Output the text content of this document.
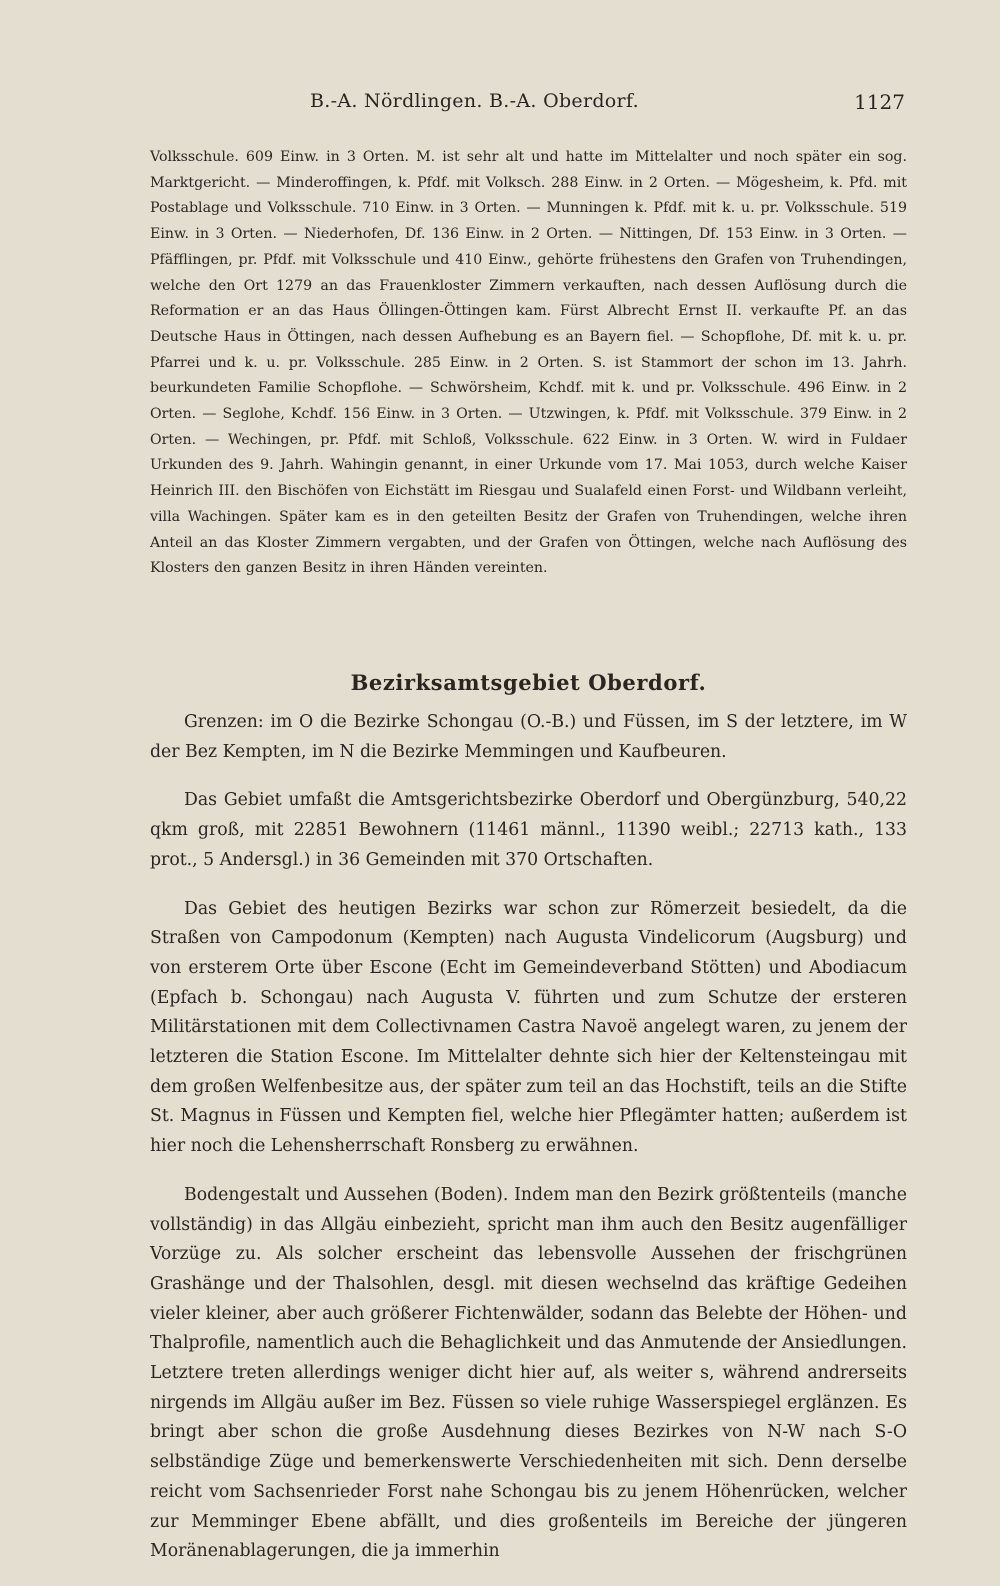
B.-A. Nördlingen. B.-A. Oberdorf.	1127

Volksschule. 609 Einw. in 3 Orten. M. ist sehr alt und hatte im Mittelalter und noch später ein sog. Marktgericht. — Minderoffingen, k. Pfdf. mit Volksch. 288 Einw. in 2 Orten. — Mögesheim, k. Pfd. mit Postablage und Volksschule. 710 Einw. in 3 Orten. — Munningen k. Pfdf. mit k. u. pr. Volksschule. 519 Einw. in 3 Orten. — Niederhofen, Df. 136 Einw. in 2 Orten. — Nittingen, Df. 153 Einw. in 3 Orten. — Pfäfflingen, pr. Pfdf. mit Volksschule und 410 Einw., gehörte frühestens den Grafen von Truhendingen, welche den Ort 1279 an das Frauenkloster Zimmern verkauften, nach dessen Auflösung durch die Reformation er an das Haus Öllingen-Öttingen kam. Fürst Albrecht Ernst II. verkaufte Pf. an das Deutsche Haus in Öttingen, nach dessen Aufhebung es an Bayern fiel. — Schopflohe, Df. mit k. u. pr. Pfarrei und k. u. pr. Volksschule. 285 Einw. in 2 Orten. S. ist Stammort der schon im 13. Jahrh. beurkundeten Familie Schopflohe. — Schwörsheim, Kchdf. mit k. und pr. Volksschule. 496 Einw. in 2 Orten. — Seglohe, Kchdf. 156 Einw. in 3 Orten. — Utzwingen, k. Pfdf. mit Volksschule. 379 Einw. in 2 Orten. — Wechingen, pr. Pfdf. mit Schloß, Volksschule. 622 Einw. in 3 Orten. W. wird in Fuldaer Urkunden des 9. Jahrh. Wahingin genannt, in einer Urkunde vom 17. Mai 1053, durch welche Kaiser Heinrich III. den Bischöfen von Eichstätt im Riesgau und Sualafeld einen Forst- und Wildbann verleiht, villa Wachingen. Später kam es in den geteilten Besitz der Grafen von Truhendingen, welche ihren Anteil an das Kloster Zimmern vergabten, und der Grafen von Öttingen, welche nach Auflösung des Klosters den ganzen Besitz in ihren Händen vereinten.

Bezirksamtsgebiet Oberdorf.

Grenzen: im O die Bezirke Schongau (O.-B.) und Füssen, im S der letztere, im W der Bez Kempten, im N die Bezirke Memmingen und Kaufbeuren.

Das Gebiet umfaßt die Amtsgerichtsbezirke Oberdorf und Obergünzburg, 540,22 qkm groß, mit 22851 Bewohnern (11461 männl., 11390 weibl.; 22713 kath., 133 prot., 5 Andersgl.) in 36 Gemeinden mit 370 Ortschaften.

Das Gebiet des heutigen Bezirks war schon zur Römerzeit besiedelt, da die Straßen von Campodonum (Kempten) nach Augusta Vindelicorum (Augsburg) und von ersterem Orte über Escone (Echt im Gemeindeverband Stötten) und Abodiacum (Epfach b. Schongau) nach Augusta V. führten und zum Schutze der ersteren Militärstationen mit dem Collectivnamen Castra Navoë angelegt waren, zu jenem der letzteren die Station Escone. Im Mittelalter dehnte sich hier der Keltensteingau mit dem großen Welfenbesitze aus, der später zum teil an das Hochstift, teils an die Stifte St. Magnus in Füssen und Kempten fiel, welche hier Pflegämter hatten; außerdem ist hier noch die Lehensherrschaft Ronsberg zu erwähnen.

Bodengestalt und Aussehen (Boden). Indem man den Bezirk größtenteils (manche vollständig) in das Allgäu einbezieht, spricht man ihm auch den Besitz augenfälliger Vorzüge zu. Als solcher erscheint das lebensvolle Aussehen der frischgrünen Grashänge und der Thalsohlen, desgl. mit diesen wechselnd das kräftige Gedeihen vieler kleiner, aber auch größerer Fichtenwälder, sodann das Belebte der Höhen- und Thalprofile, namentlich auch die Behaglichkeit und das Anmutende der Ansiedlungen. Letztere treten allerdings weniger dicht hier auf, als weiter s, während andrerseits nirgends im Allgäu außer im Bez. Füssen so viele ruhige Wasserspiegel erglänzen. Es bringt aber schon die große Ausdehnung dieses Bezirkes von N-W nach S-O selbständige Züge und bemerkenswerte Verschiedenheiten mit sich. Denn derselbe reicht vom Sachsenrieder Forst nahe Schongau bis zu jenem Höhenrücken, welcher zur Memminger Ebene abfällt, und dies großenteils im Bereiche der jüngeren Moränenablagerungen, die ja immerhin
